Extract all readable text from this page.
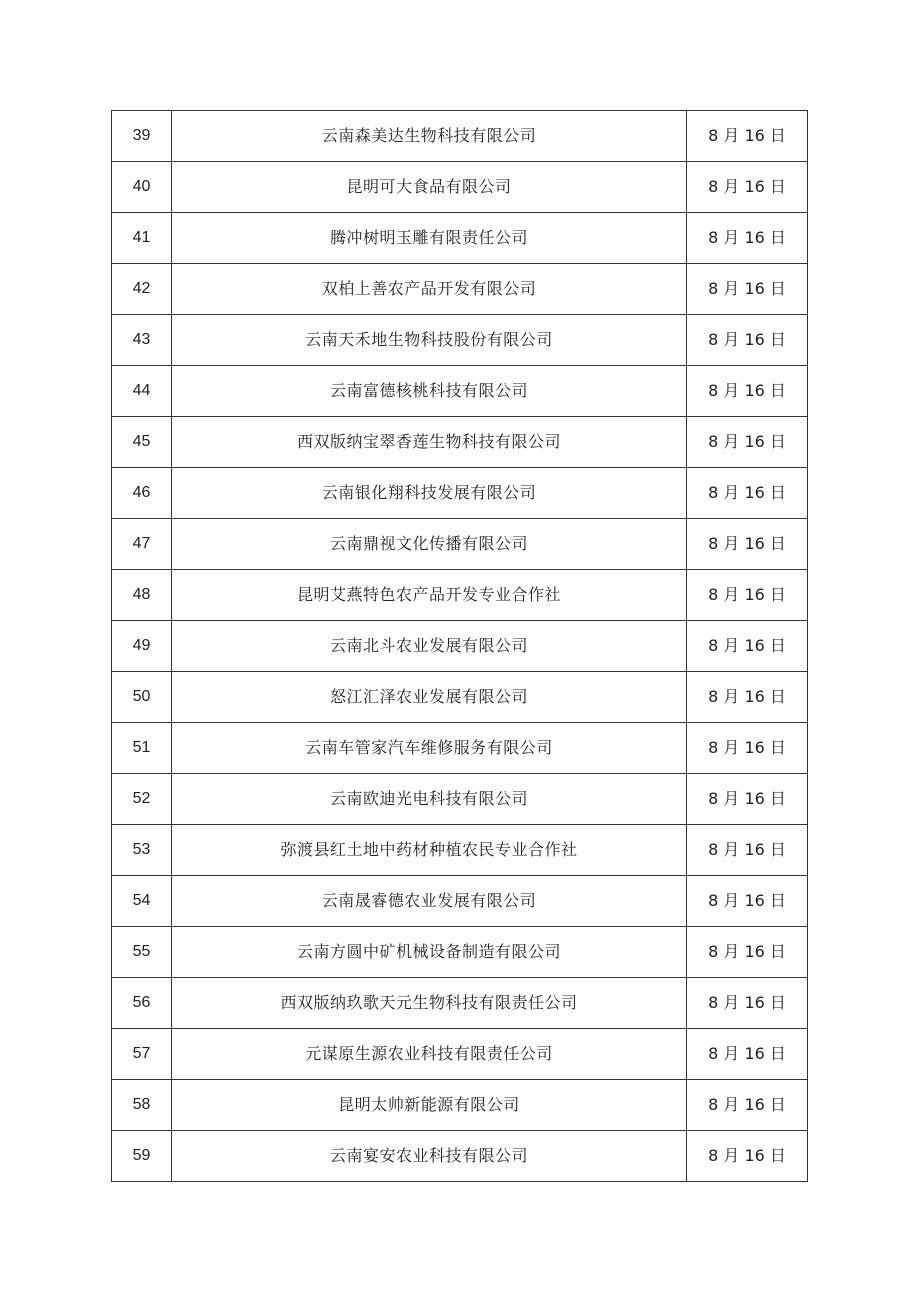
39	云南森美达生物科技有限公司	8 月 16 日
40	昆明可大食品有限公司	8 月 16 日
41	腾冲树明玉雕有限责任公司	8 月 16 日
42	双柏上善农产品开发有限公司	8 月 16 日
43	云南天禾地生物科技股份有限公司	8 月 16 日
44	云南富德核桃科技有限公司	8 月 16 日
45	西双版纳宝翠香莲生物科技有限公司	8 月 16 日
46	云南银化翔科技发展有限公司	8 月 16 日
47	云南鼎视文化传播有限公司	8 月 16 日
48	昆明艾燕特色农产品开发专业合作社	8 月 16 日
49	云南北斗农业发展有限公司	8 月 16 日
50	怒江汇泽农业发展有限公司	8 月 16 日
51	云南车管家汽车维修服务有限公司	8 月 16 日
52	云南欧迪光电科技有限公司	8 月 16 日
53	弥渡县红土地中药材种植农民专业合作社	8 月 16 日
54	云南晟睿德农业发展有限公司	8 月 16 日
55	云南方圆中矿机械设备制造有限公司	8 月 16 日
56	西双版纳玖歌天元生物科技有限责任公司	8 月 16 日
57	元谋原生源农业科技有限责任公司	8 月 16 日
58	昆明太帅新能源有限公司	8 月 16 日
59	云南宴安农业科技有限公司	8 月 16 日
